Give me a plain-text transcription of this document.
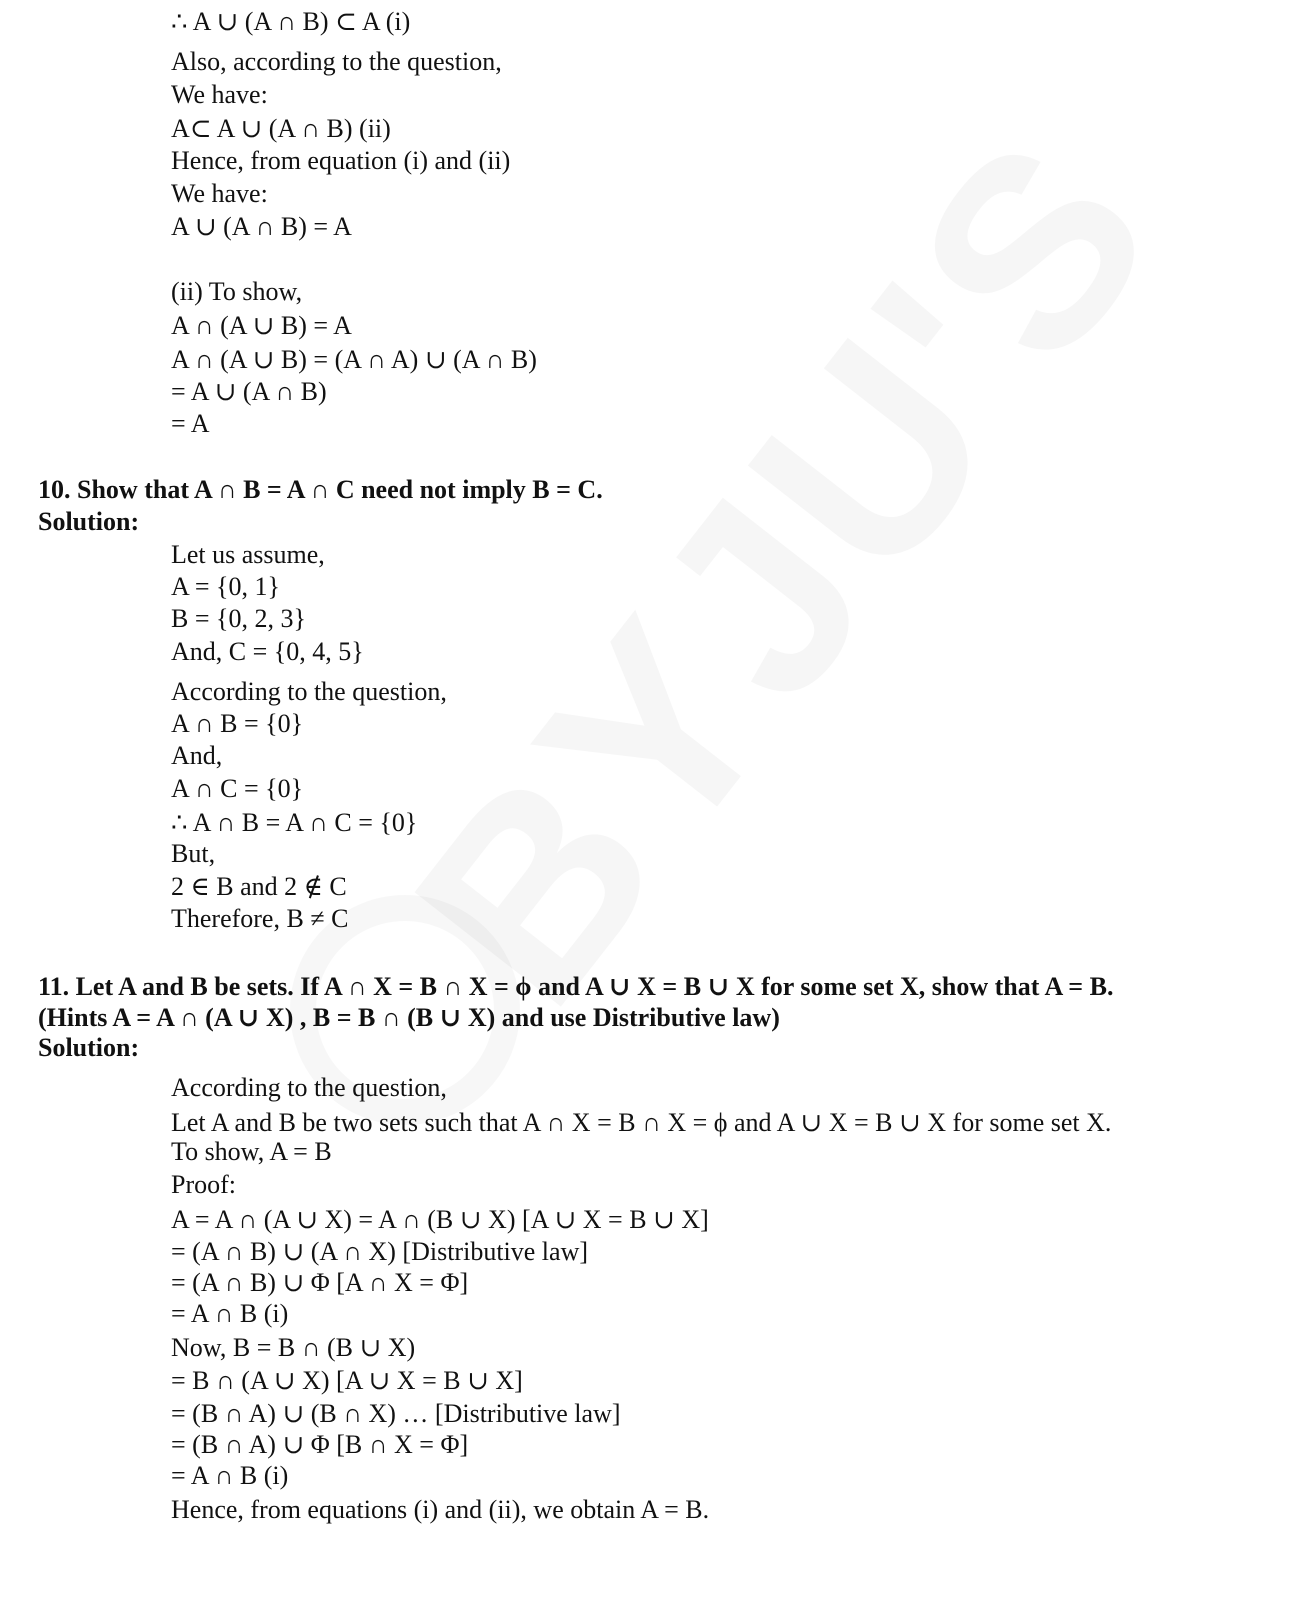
∴ A ∪ (A ∩ B) ⊂ A (i)
Also, according to the question,
We have:
A⊂ A ∪ (A ∩ B) (ii)
Hence, from equation (i) and (ii)
We have:
A ∪ (A ∩ B) = A
(ii) To show,
A ∩ (A ∪ B) = A
A ∩ (A ∪ B) = (A ∩ A) ∪ (A ∩ B)
= A ∪ (A ∩ B)
= A
10. Show that A ∩ B = A ∩ C need not imply B = C.
Solution:
Let us assume,
A = {0, 1}
B = {0, 2, 3}
And, C = {0, 4, 5}
According to the question,
A ∩ B = {0}
And,
A ∩ C = {0}
∴ A ∩ B = A ∩ C = {0}
But,
2 ∈ B and 2 ∉ C
Therefore, B ≠ C
11. Let A and B be sets. If A ∩ X = B ∩ X = ϕ and A ∪ X = B ∪ X for some set X, show that A = B.
(Hints A = A ∩ (A ∪ X) , B = B ∩ (B ∪ X) and use Distributive law)
Solution:
According to the question,
Let A and B be two sets such that A ∩ X = B ∩ X = ϕ and A ∪ X = B ∪ X for some set X.
To show, A = B
Proof:
A = A ∩ (A ∪ X) = A ∩ (B ∪ X) [A ∪ X = B ∪ X]
= (A ∩ B) ∪ (A ∩ X) [Distributive law]
= (A ∩ B) ∪ Φ [A ∩ X = Φ]
= A ∩ B (i)
Now, B = B ∩ (B ∪ X)
= B ∩ (A ∪ X) [A ∪ X = B ∪ X]
= (B ∩ A) ∪ (B ∩ X) … [Distributive law]
= (B ∩ A) ∪ Φ [B ∩ X = Φ]
= A ∩ B (i)
Hence, from equations (i) and (ii), we obtain A = B.
